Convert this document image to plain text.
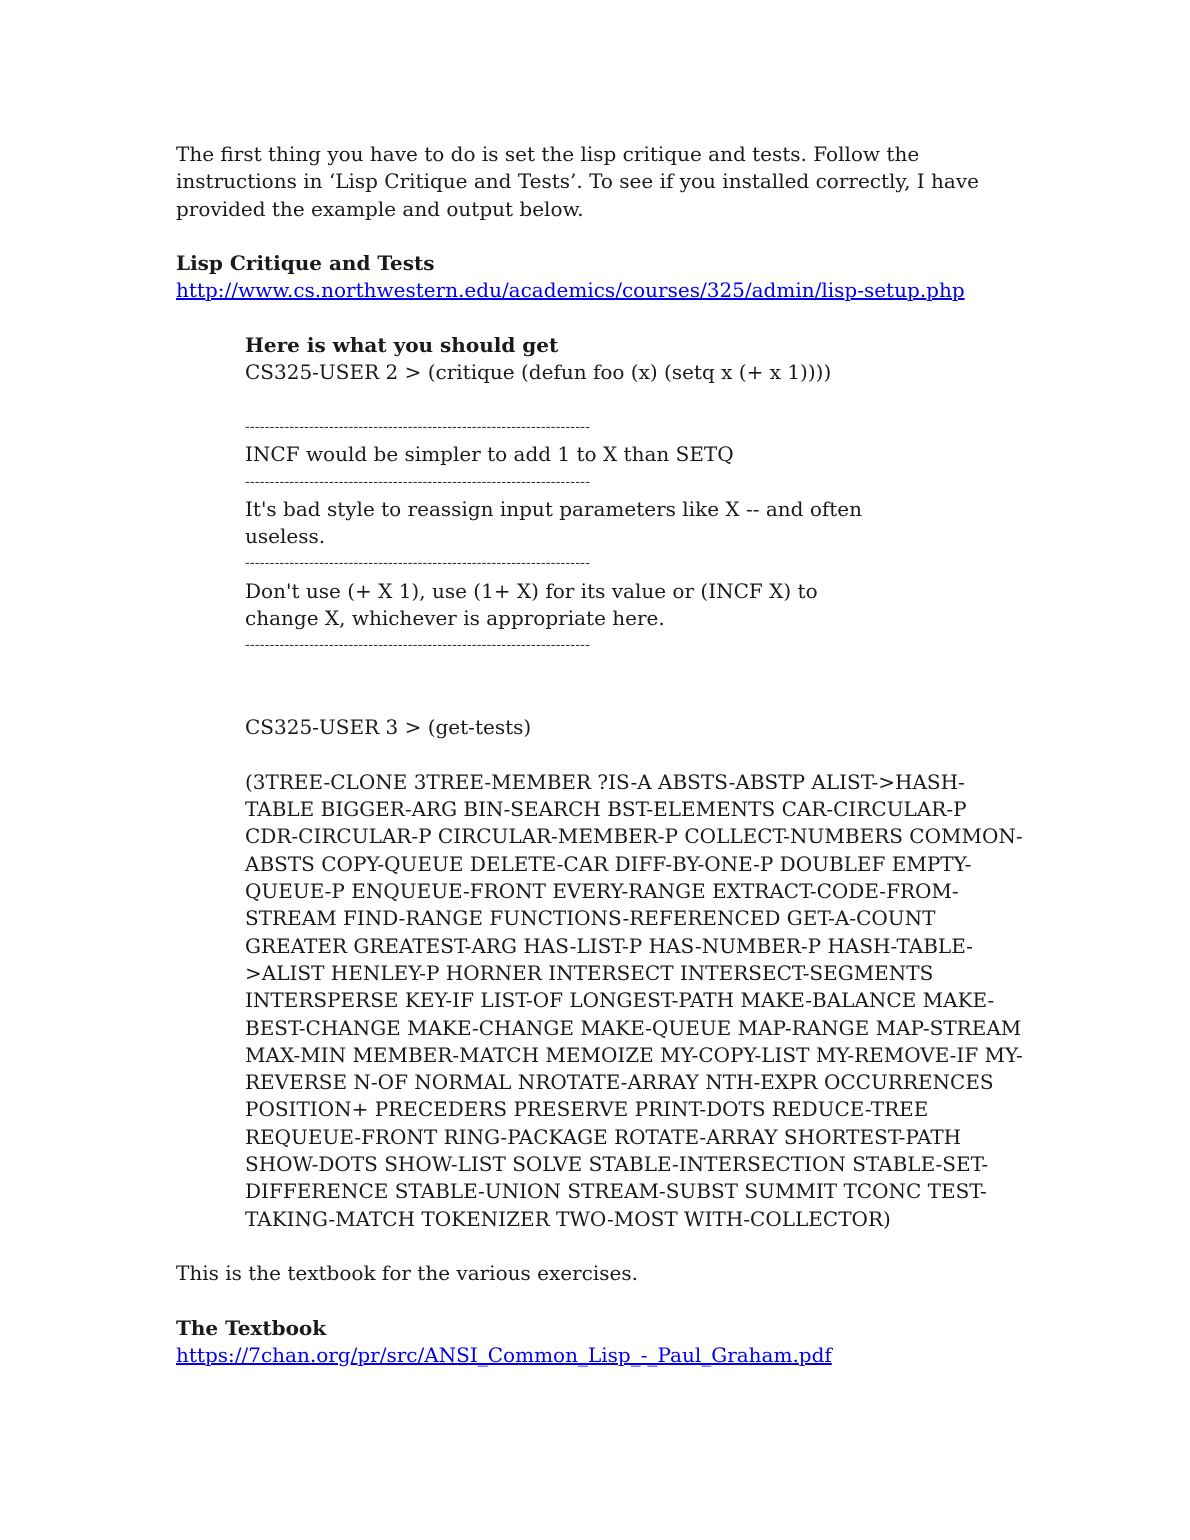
The first thing you have to do is set the lisp critique and tests. Follow the instructions in ‘Lisp Critique and Tests’. To see if you installed correctly, I have provided the example and output below.

Lisp Critique and Tests

http://www.cs.northwestern.edu/academics/courses/325/admin/lisp-setup.php

Here is what you should get

CS325-USER 2 > (critique (defun foo (x) (setq x (+ x 1))))

----------------------------------------------------------------------

INCF would be simpler to add 1 to X than SETQ

----------------------------------------------------------------------

It's bad style to reassign input parameters like X -- and often useless.

----------------------------------------------------------------------

Don't use (+ X 1), use (1+ X) for its value or (INCF X) to change X, whichever is appropriate here.

----------------------------------------------------------------------

CS325-USER 3 > (get-tests)

(3TREE-CLONE 3TREE-MEMBER ?IS-A ABSTS-ABSTP ALIST->HASH-TABLE BIGGER-ARG BIN-SEARCH BST-ELEMENTS CAR-CIRCULAR-P CDR-CIRCULAR-P CIRCULAR-MEMBER-P COLLECT-NUMBERS COMMON-ABSTS COPY-QUEUE DELETE-CAR DIFF-BY-ONE-P DOUBLEF EMPTY-QUEUE-P ENQUEUE-FRONT EVERY-RANGE EXTRACT-CODE-FROM-STREAM FIND-RANGE FUNCTIONS-REFERENCED GET-A-COUNT GREATER GREATEST-ARG HAS-LIST-P HAS-NUMBER-P HASH-TABLE->ALIST HENLEY-P HORNER INTERSECT INTERSECT-SEGMENTS INTERSPERSE KEY-IF LIST-OF LONGEST-PATH MAKE-BALANCE MAKE-BEST-CHANGE MAKE-CHANGE MAKE-QUEUE MAP-RANGE MAP-STREAM MAX-MIN MEMBER-MATCH MEMOIZE MY-COPY-LIST MY-REMOVE-IF MY-REVERSE N-OF NORMAL NROTATE-ARRAY NTH-EXPR OCCURRENCES POSITION+ PRECEDERS PRESERVE PRINT-DOTS REDUCE-TREE REQUEUE-FRONT RING-PACKAGE ROTATE-ARRAY SHORTEST-PATH SHOW-DOTS SHOW-LIST SOLVE STABLE-INTERSECTION STABLE-SET-DIFFERENCE STABLE-UNION STREAM-SUBST SUMMIT TCONC TEST-TAKING-MATCH TOKENIZER TWO-MOST WITH-COLLECTOR)

This is the textbook for the various exercises.

The Textbook

https://7chan.org/pr/src/ANSI_Common_Lisp_-_Paul_Graham.pdf
